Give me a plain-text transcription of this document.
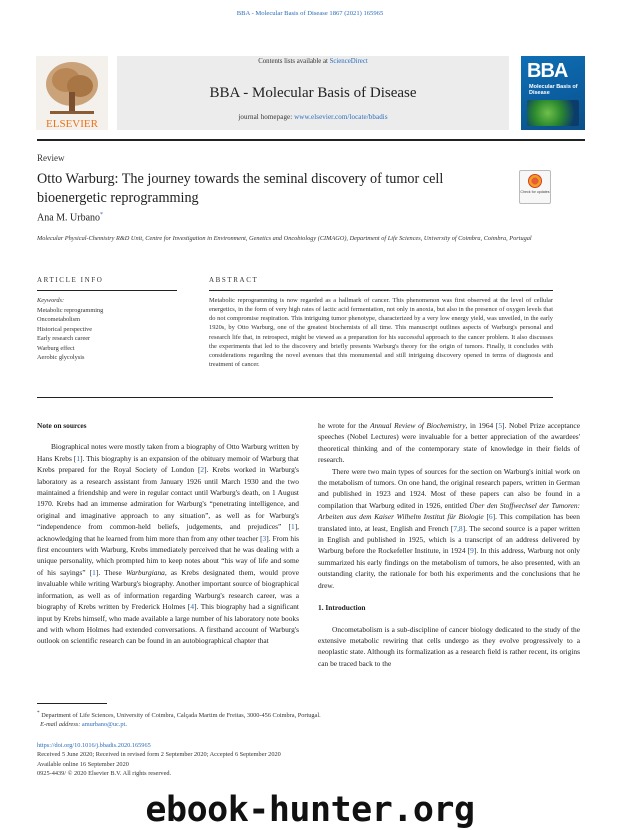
BBA - Molecular Basis of Disease 1867 (2021) 165965
ELSEVIER
Contents lists available at ScienceDirect
BBA - Molecular Basis of Disease
journal homepage: www.elsevier.com/locate/bbadis
BBA
Molecular Basis of Disease
Review
Otto Warburg: The journey towards the seminal discovery of tumor cell bioenergetic reprogramming	Check for updates
Ana M. Urbano*
Molecular Physical-Chemistry R&D Unit, Centre for Investigation in Environment, Genetics and Oncobiology (CIMAGO), Department of Life Sciences, University of Coimbra, Coimbra, Portugal
ARTICLE INFO	ABSTRACT
Keywords:
Metabolic reprogramming
Oncometabolism
Historical perspective
Early research career
Warburg effect
Aerobic glycolysis
Metabolic reprogramming is now regarded as a hallmark of cancer. This phenomenon was first observed at the level of cellular energetics, in the form of very high rates of lactic acid fermentation, not only in anoxia, but also in the presence of oxygen levels that do not compromise respiration. This intriguing tumor phenotype, characterized by a very low energy yield, was unveiled, in the early 1920s, by Otto Warburg, one of the greatest biochemists of all time. This manuscript outlines aspects of Warburg's personal and research life that, in retrospect, might be viewed as a preparation for his successful approach to the cancer problem. It also discusses the experiments that led to the discovery and briefly presents Warburg's theory for the origin of tumors. Finally, it concludes with considerations regarding the novel avenues that this monumental and still intriguing discovery opened in terms of diagnosis and treatment of cancer.

Note on sources

Biographical notes were mostly taken from a biography of Otto Warburg written by Hans Krebs [1]. This biography is an expansion of the obituary memoir of Warburg that Krebs prepared for the Royal Society of London [2]. Krebs worked in Warburg's laboratory as a research assistant from January 1926 until March 1930 and the two maintained a friendship and were in regular contact until Warburg's death, on 1 August 1970. Krebs had an immense admiration for Warburg's “penetrating intelligence, and original and imaginative approach to any situation”, as well as for Warburg's “independence from common-held beliefs, judgements, and prejudices” [1], acknowledging that he learned from him more than from any other teacher [3]. From his first encounters with Warburg, Krebs immediately perceived that he was dealing with a unique personality, which prompted him to keep notes about “his way of life and some of his sayings” [1]. These Warburgiana, as Krebs designated them, would prove invaluable while writing Warburg's biography. Another important source of biographical information, as well as of information regarding Warburg's research career, was a biography of Krebs written by Frederick Holmes [4]. This biography had a significant input by Krebs himself, who made available a large number of his laboratory note books and with whom Holmes had extended conversations. A firsthand account of Warburg's outlook on scientific research can be found in an autobiographical chapter that

he wrote for the Annual Review of Biochemistry, in 1964 [5]. Nobel Prize acceptance speeches (Nobel Lectures) were invaluable for a better appreciation of the awardees' theoretical thinking and of the contemporary state of knowledge in their fields of research.

There were two main types of sources for the section on Warburg's initial work on the metabolism of tumors. On one hand, the original research papers, written in German and published in 1923 and 1924. Most of these papers can also be found in a compilation that Warburg edited in 1926, entitled Über den Stoffwechsel der Tumoren: Arbeiten aus dem Kaiser Wilhelm Institut für Biologie [6]. This compilation has been translated into, at least, English and French [7,8]. The second source is a paper written in English and published in 1925, which is a transcript of an address delivered by Warburg before the Rockefeller Institute, in 1924 [9]. In this address, Warburg not only summarized his early findings on the metabolism of tumors, he also presented, with an outstanding clarity, the rationale for both his experiments and the conclusions that he drew.

1. Introduction

Oncometabolism is a sub-discipline of cancer biology dedicated to the study of the extensive metabolic rewiring that cells undergo as they evolve progressively to a neoplastic state. Although its formalization as a research field is rather recent, its origins can be traced back to the

* Department of Life Sciences, University of Coimbra, Calçada Martim de Freitas, 3000-456 Coimbra, Portugal.
E-mail address: amurbano@uc.pt.
https://doi.org/10.1016/j.bbadis.2020.165965
Received 5 June 2020; Received in revised form 2 September 2020; Accepted 6 September 2020
Available online 16 September 2020
0925-4439/ © 2020 Elsevier B.V. All rights reserved.
ebook-hunter.org
